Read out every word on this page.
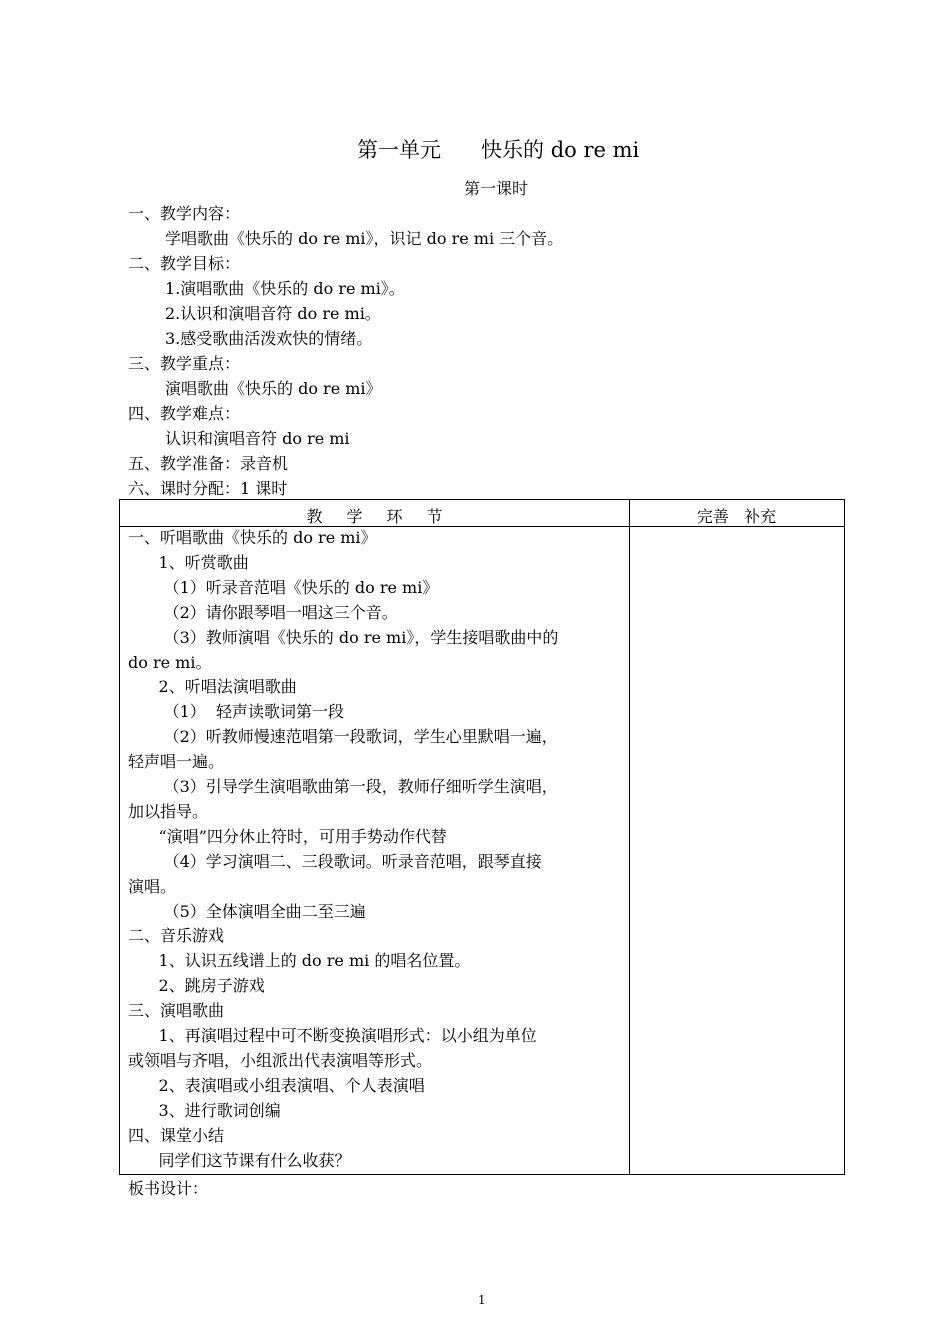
第一单元      快乐的 do re mi
第一课时
一、教学内容：
学唱歌曲《快乐的 do re mi》，识记 do re mi 三个音。
二、教学目标：
1.演唱歌曲《快乐的 do re mi》。
2.认识和演唱音符 do re mi。
3.感受歌曲活泼欢快的情绪。
三、教学重点：
演唱歌曲《快乐的 do re mi》
四、教学难点：
认识和演唱音符 do re mi
五、教学准备：录音机
六、课时分配：1 课时
教学环节	完善   补充
一、听唱歌曲《快乐的 do re mi》
1、听赏歌曲
（1）听录音范唱《快乐的 do re mi》
（2）请你跟琴唱一唱这三个音。
（3）教师演唱《快乐的 do re mi》，学生接唱歌曲中的
do re mi。
2、听唱法演唱歌曲
（1）  轻声读歌词第一段
（2）听教师慢速范唱第一段歌词，学生心里默唱一遍，
轻声唱一遍。
（3）引导学生演唱歌曲第一段，教师仔细听学生演唱，
加以指导。
“演唱”四分休止符时，可用手势动作代替
（4）学习演唱二、三段歌词。听录音范唱，跟琴直接
演唱。
（5）全体演唱全曲二至三遍
二、音乐游戏
1、认识五线谱上的 do re mi 的唱名位置。
2、跳房子游戏
三、演唱歌曲
1、再演唱过程中可不断变换演唱形式：以小组为单位
或领唱与齐唱，小组派出代表演唱等形式。
2、表演唱或小组表演唱、个人表演唱
3、进行歌词创编
四、课堂小结
同学们这节课有什么收获？
板书设计：
1
